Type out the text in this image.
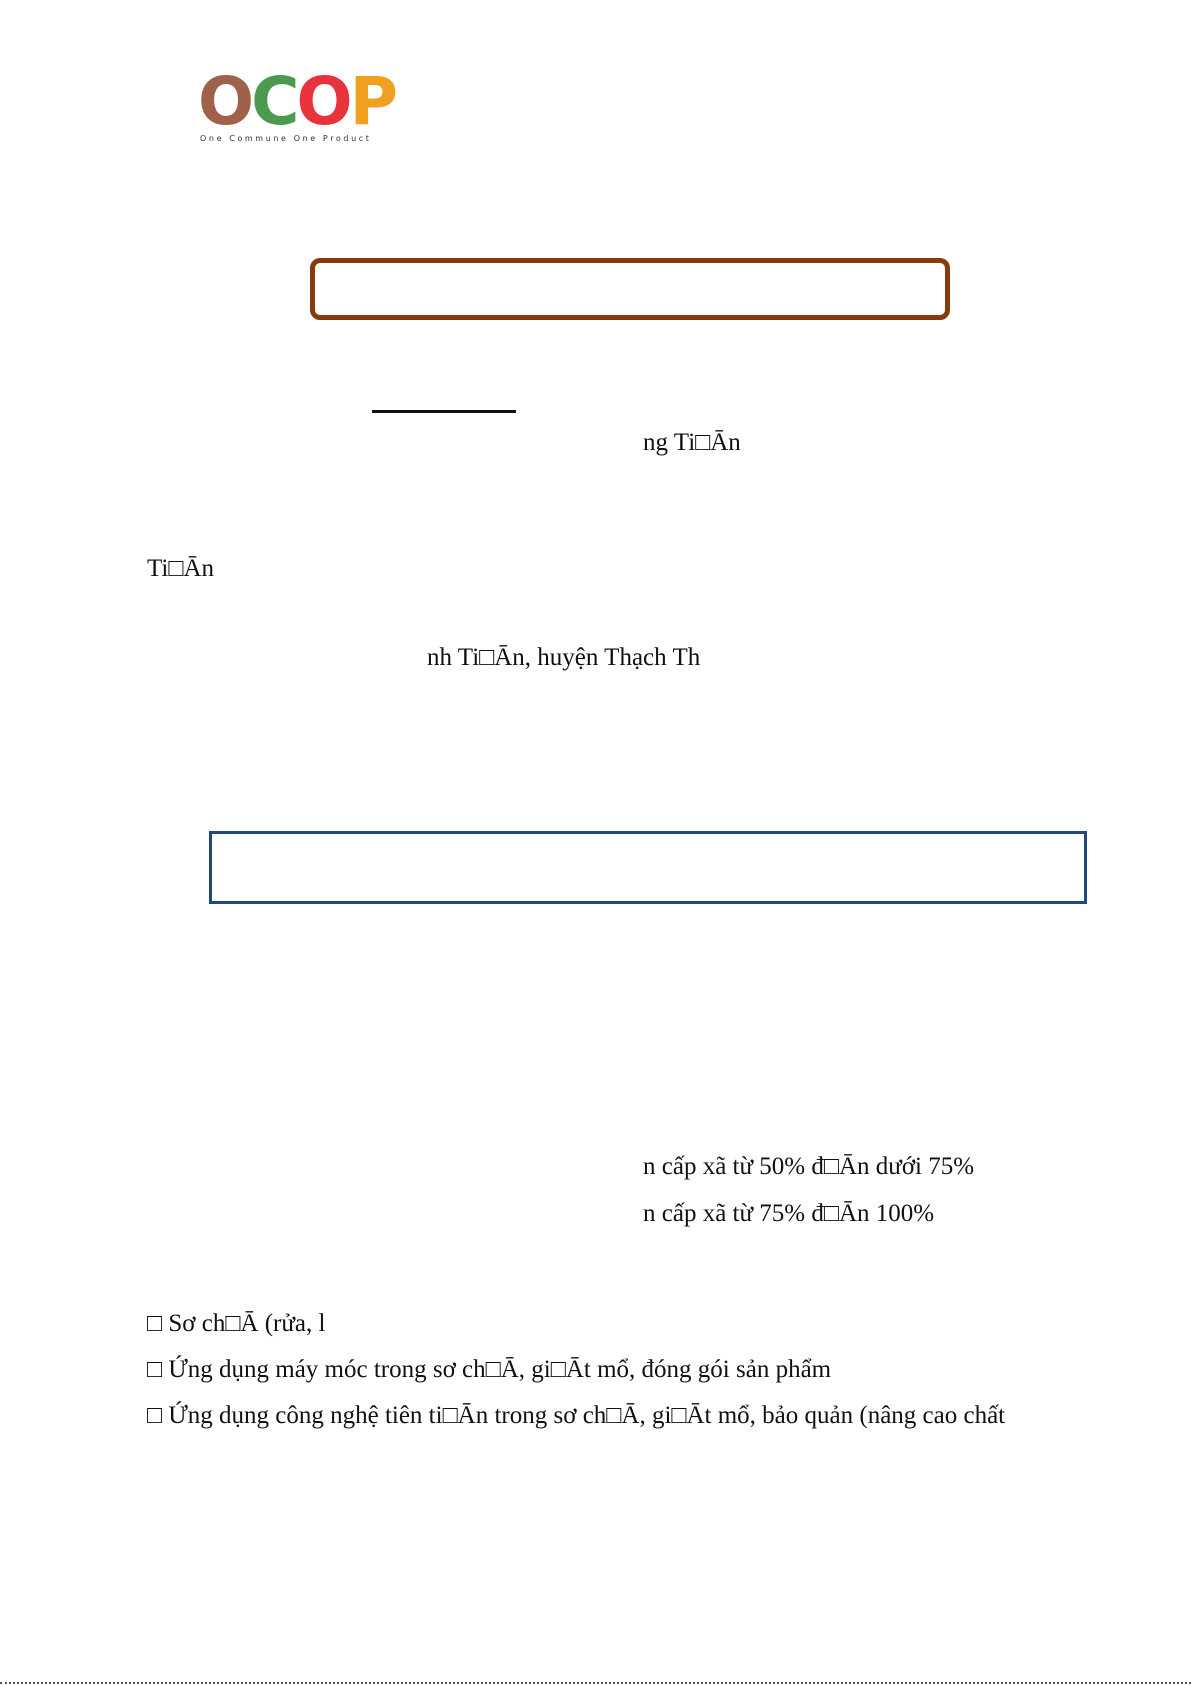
OCOP
One Commune One Product
ng Ti□Ān
Ti□Ān
nh Ti□Ān, huyện Thạch Th
n cấp xã từ 50% đ□Ān dưới 75%
n cấp xã từ 75% đ□Ān 100%
□ Sơ ch□Ā (rửa, l
□ Ứng dụng máy móc trong sơ ch□Ā, gi□Āt mổ, đóng gói sản phẩm
□ Ứng dụng công nghệ tiên ti□Ān trong sơ ch□Ā, gi□Āt mổ, bảo quản (nâng cao chất
